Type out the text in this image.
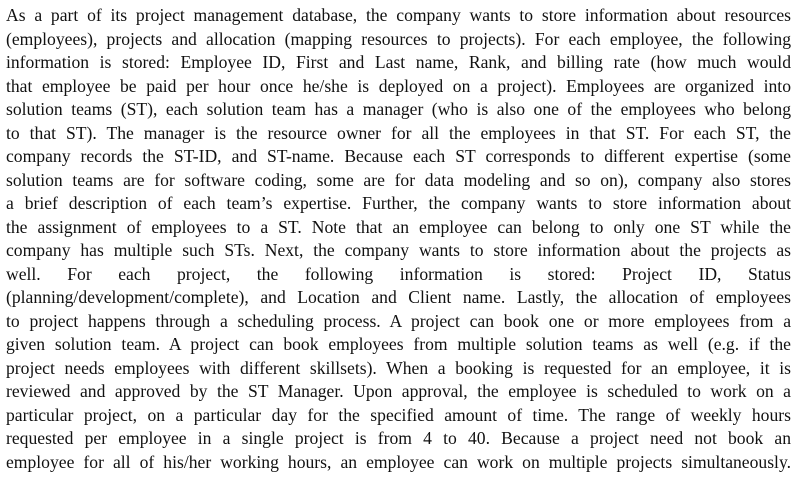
As a part of its project management database, the company wants to store information about resources
(employees), projects and allocation (mapping resources to projects). For each employee, the following
information is stored: Employee ID, First and Last name, Rank, and billing rate (how much would
that employee be paid per hour once he/she is deployed on a project). Employees are organized into
solution teams (ST), each solution team has a manager (who is also one of the employees who belong
to that ST). The manager is the resource owner for all the employees in that ST. For each ST, the
company records the ST-ID, and ST-name. Because each ST corresponds to different expertise (some
solution teams are for software coding, some are for data modeling and so on), company also stores
a brief description of each team’s expertise. Further, the company wants to store information about
the assignment of employees to a ST. Note that an employee can belong to only one ST while the
company has multiple such STs. Next, the company wants to store information about the projects as
well. For each project, the following information is stored: Project ID, Status
(planning/development/complete), and Location and Client name. Lastly, the allocation of employees
to project happens through a scheduling process. A project can book one or more employees from a
given solution team. A project can book employees from multiple solution teams as well (e.g. if the
project needs employees with different skillsets). When a booking is requested for an employee, it is
reviewed and approved by the ST Manager. Upon approval, the employee is scheduled to work on a
particular project, on a particular day for the specified amount of time. The range of weekly hours
requested per employee in a single project is from 4 to 40. Because a project need not book an
employee for all of his/her working hours, an employee can work on multiple projects simultaneously.
